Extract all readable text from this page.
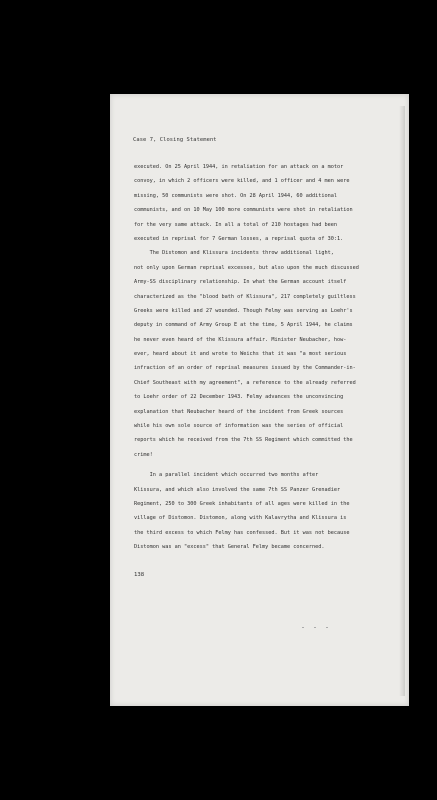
Case 7, Closing Statement
executed. On 25 April 1944, in retaliation for an attack on a motor
convoy, in which 2 officers were killed, and 1 officer and 4 men were
missing, 50 communists were shot. On 28 April 1944, 60 additional
communists, and on 10 May 100 more communists were shot in retaliation
for the very same attack. In all a total of 210 hostages had been
executed in reprisal for 7 German losses, a reprisal quota of 30:1.
The Distomon and Klissura incidents throw additional light,
not only upon German reprisal excesses, but also upon the much discussed
Army-SS disciplinary relationship. In what the German account itself
characterized as the "blood bath of Klissura", 217 completely guiltless
Greeks were killed and 27 wounded. Though Felmy was serving as Loehr's
deputy in command of Army Group E at the time, 5 April 1944, he claims
he never even heard of the Klissura affair. Minister Neubacher, how-
ever, heard about it and wrote to Weichs that it was "a most serious
infraction of an order of reprisal measures issued by the Commander-in-
Chief Southeast with my agreement", a reference to the already referred
to Loehr order of 22 December 1943. Felmy advances the unconvincing
explanation that Neubacher heard of the incident from Greek sources
while his own sole source of information was the series of official
reports which he received from the 7th SS Regiment which committed the
crime!
In a parallel incident which occurred two months after
Klissura, and which also involved the same 7th SS Panzer Grenadier
Regiment, 250 to 300 Greek inhabitants of all ages were killed in the
village of Distomon. Distomon, along with Kalavrytha and Klissura is
the third excess to which Felmy has confessed. But it was not because
Distomon was an "excess" that General Felmy became concerned.
138
